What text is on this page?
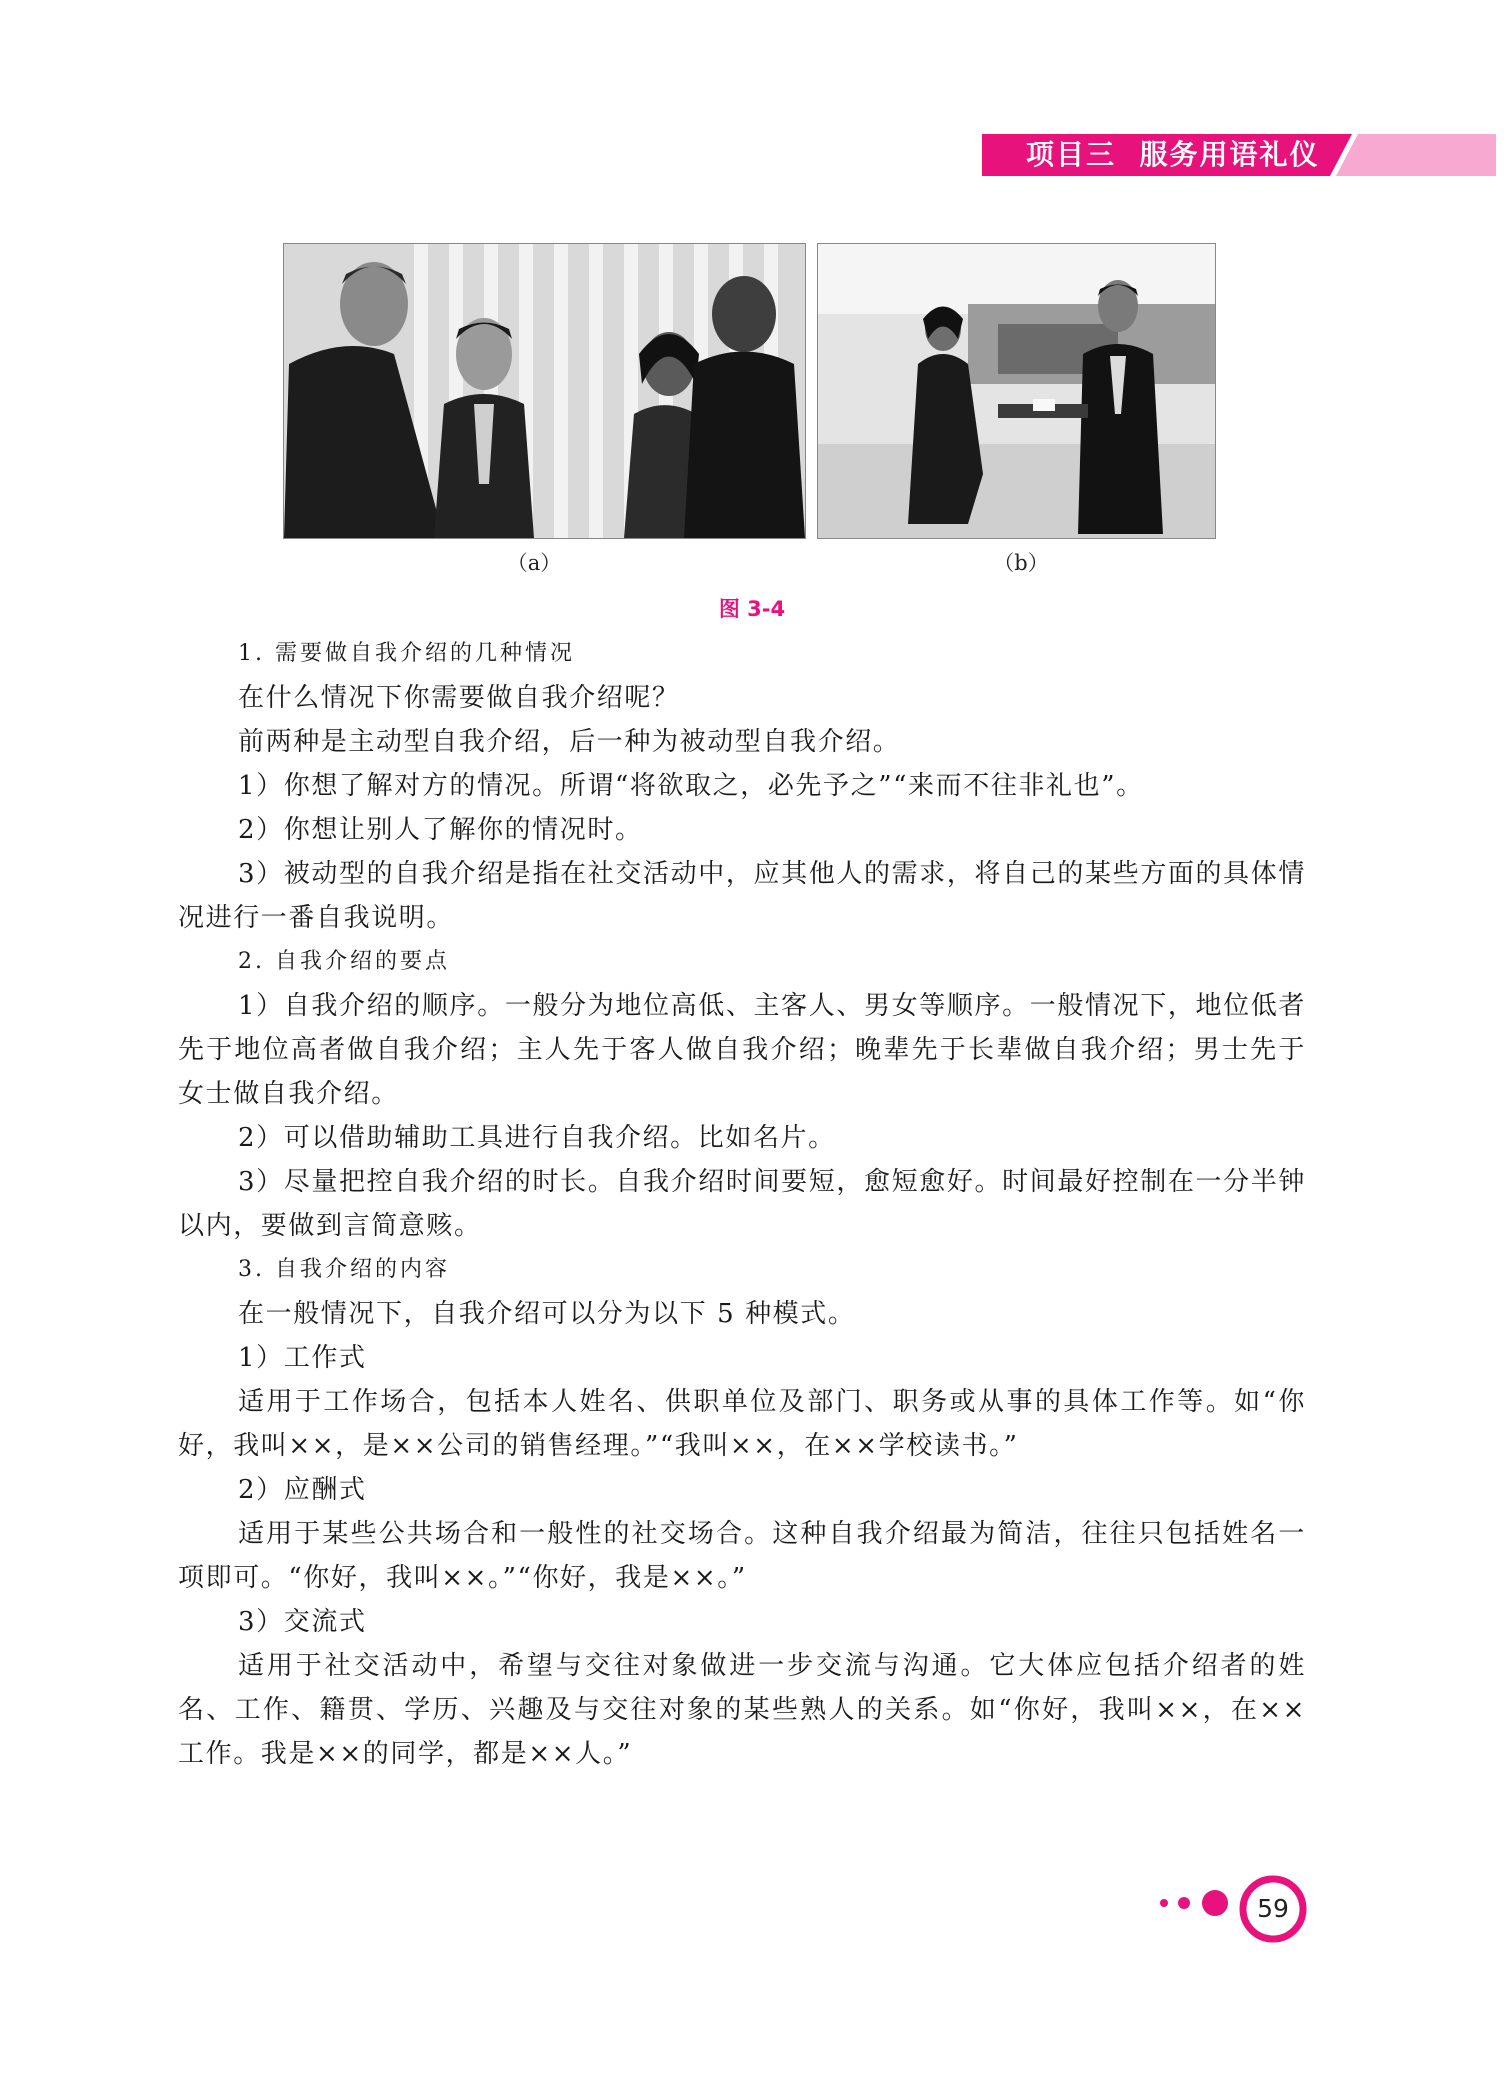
项目三  服务用语礼仪
（a）	（b）
图 3-4

1. 需要做自我介绍的几种情况

在什么情况下你需要做自我介绍呢？

前两种是主动型自我介绍，后一种为被动型自我介绍。

1）你想了解对方的情况。所谓“将欲取之，必先予之”“来而不往非礼也”。

2）你想让别人了解你的情况时。

3）被动型的自我介绍是指在社交活动中，应其他人的需求，将自己的某些方面的具体情况进行一番自我说明。

2. 自我介绍的要点

1）自我介绍的顺序。一般分为地位高低、主客人、男女等顺序。一般情况下，地位低者先于地位高者做自我介绍；主人先于客人做自我介绍；晚辈先于长辈做自我介绍；男士先于女士做自我介绍。

2）可以借助辅助工具进行自我介绍。比如名片。

3）尽量把控自我介绍的时长。自我介绍时间要短，愈短愈好。时间最好控制在一分半钟以内，要做到言简意赅。

3. 自我介绍的内容

在一般情况下，自我介绍可以分为以下 5 种模式。

1）工作式

适用于工作场合，包括本人姓名、供职单位及部门、职务或从事的具体工作等。如“你好，我叫××，是××公司的销售经理。”“我叫××，在××学校读书。”

2）应酬式

适用于某些公共场合和一般性的社交场合。这种自我介绍最为简洁，往往只包括姓名一项即可。“你好，我叫××。”“你好，我是××。”

3）交流式

适用于社交活动中，希望与交往对象做进一步交流与沟通。它大体应包括介绍者的姓名、工作、籍贯、学历、兴趣及与交往对象的某些熟人的关系。如“你好，我叫××，在××工作。我是××的同学，都是××人。”

59
